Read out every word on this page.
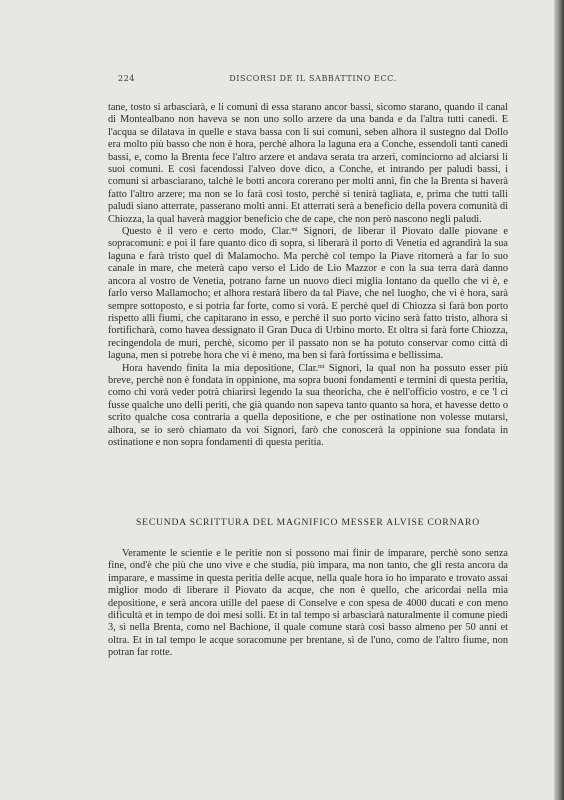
224	DISCORSI DE IL SABBATTINO ECC.

tane, tosto si arbasciarà, e li comuni di essa starano ancor bassi, sicomo starano, quando il canal di Montealbano non haveva se non uno sollo arzere da una banda e da l'altra tutti canedi. E l'acqua se dilatava in quelle e stava bassa con li sui comuni, seben alhora il sustegno dal Dollo era molto più basso che non è hora, perchè alhora la laguna era a Conche, essendoli tanti canedi bassi, e, como la Brenta fece l'altro arzere et andava serata tra arzeri, cominciorno ad alciarsi li suoi comuni. E così facendossi l'alveo dove dico, a Conche, et intrando per paludi bassi, i comuni si arbasciarano, talchè le botti ancora corerano per molti anni, fin che la Brenta si haverà fatto l'altro arzere; ma non se lo farà così tosto, perchè si tenirà tagliata, e, prima che tutti talli paludi siano atterrate, passerano molti anni. Et atterrati serà a beneficio della povera comunità di Chiozza, la qual haverà maggior beneficio che de cape, che non però nascono negli paludi.

Questo è il vero e certo modo, Clar.$^{mi}$ Signori, de liberar il Piovato dalle piovane e sopracomuni: e poi il fare quanto dico di sopra, si liberarà il porto di Venetia ed agrandirà la sua laguna e farà tristo quel di Malamocho. Ma perchè col tempo la Piave ritornerà a far lo suo canale in mare, che meterà capo verso el Lido de Lio Mazzor e con la sua terra darà danno ancora al vostro de Venetia, potrano farne un nuovo dieci miglia lontano da quello che vi è, e farlo verso Mallamocho; et alhora restarà libero da tal Piave, che nel luogho, che vi è hora, sarà sempre sottoposto, e si potria far forte, como si vorà. E perchè quel di Chiozza si farà bon porto rispetto alli fiumi, che capitarano in esso, e perchè il suo porto vicino serà fatto tristo, alhora si fortificharà, como havea dessignato il Gran Duca di Urbino morto. Et oltra si farà forte Chiozza, recingendola de muri, perchè, sicomo per il passato non se ha potuto conservar como città di laguna, men si potrebe hora che vi è meno, ma ben si farà fortissima e bellissima.

Hora havendo finita la mia depositione, Clar.$^{mi}$ Signori, la qual non ha possuto esser più breve, perchè non è fondata in oppinione, ma sopra buoni fondamenti e termini di questa peritia, como chi vorà veder potrà chiarirsi legendo la sua theoricha, che è nell'officio vostro, e ce 'l ci fusse qualche uno delli periti, che già quando non sapeva tanto quanto sa hora, et havesse detto o scrito qualche cosa contraria a quella depositione, e che per ostinatione non volesse mutarsi, alhora, se io serò chiamato da voi Signori, farò che conoscerà la oppinione sua fondata in ostinatione e non sopra fondamenti di questa peritia.

SECUNDA SCRITTURA DEL MAGNIFICO MESSER ALVISE CORNARO

Veramente le scientie e le peritie non si possono mai finir de imparare, perchè sono senza fine, ond'è che più che uno vive e che studia, più impara, ma non tanto, che gli resta ancora da imparare, e massime in questa peritia delle acque, nella quale hora io ho imparato e trovato assai miglior modo di liberare il Piovato da acque, che non è quello, che aricordai nella mia depositione, e serà ancora utille del paese di Conselve e con spesa de 4000 ducati e con meno dificultà et in tempo de doi mesi solli. Et in tal tempo si arbasciarà naturalmente il comune piedi 3, sì nella Brenta, como nel Bachione, il quale comune starà così basso almeno per 50 anni et oltra. Et in tal tempo le acque soracomune per brentane, sì de l'uno, como de l'altro fiume, non potran far rotte.
